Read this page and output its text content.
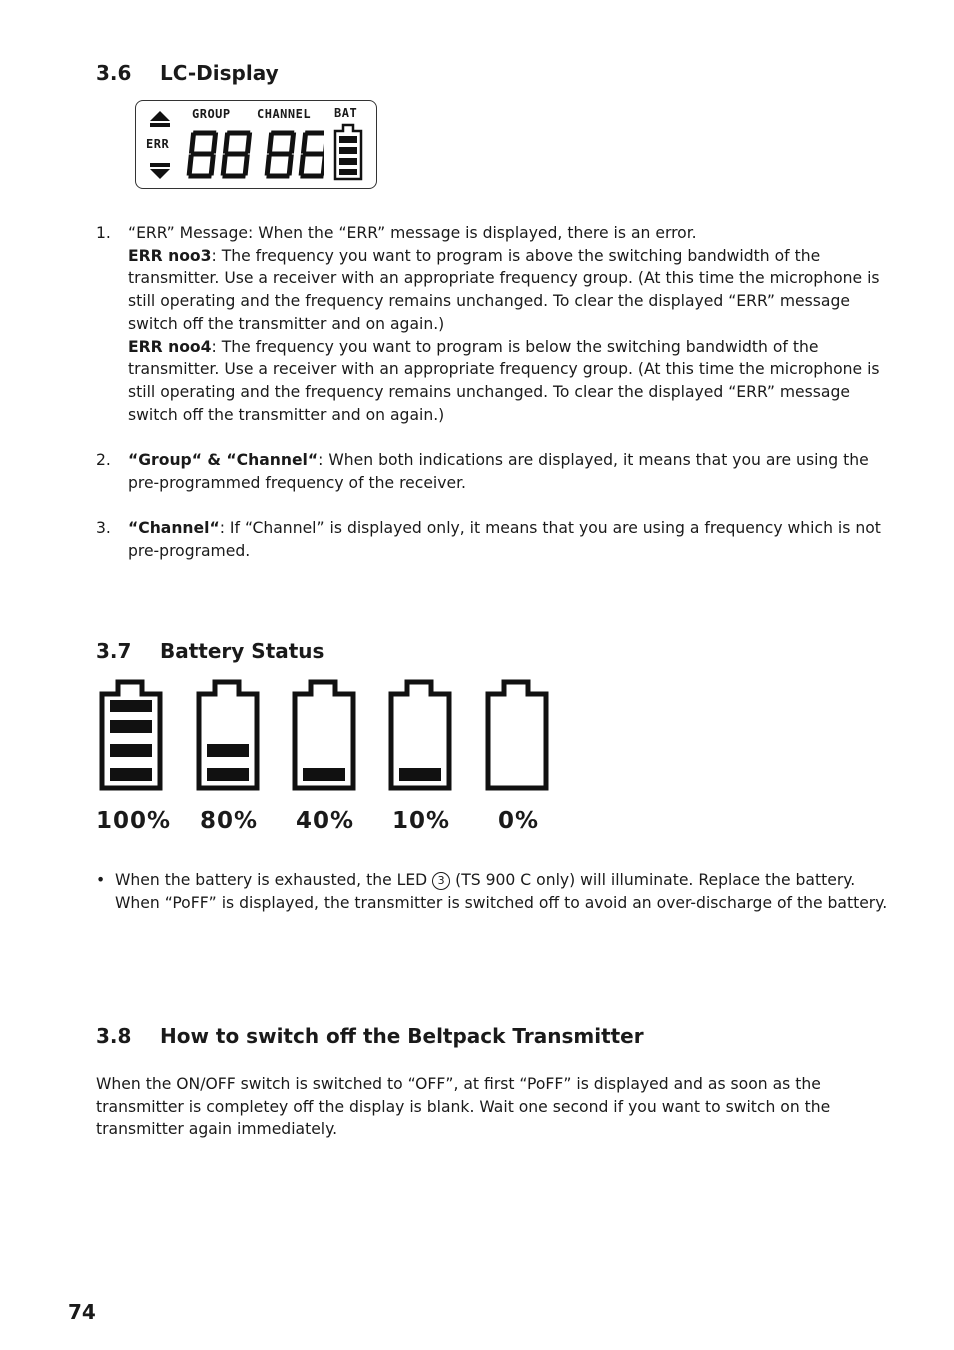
3.6 LC-Display
ERR
GROUP CHANNEL BAT
1. “ERR” Message: When the “ERR” message is displayed, there is an error.
ERR noo3: The frequency you want to program is above the switching bandwidth of the transmitter. Use a receiver with an appropriate frequency group. (At this time the microphone is still operating and the frequency remains unchanged. To clear the displayed “ERR” message switch off the transmitter and on again.)
ERR noo4: The frequency you want to program is below the switching bandwidth of the transmitter. Use a receiver with an appropriate frequency group. (At this time the microphone is still operating and the frequency remains unchanged. To clear the displayed “ERR” message switch off the transmitter and on again.)
2. “Group“ & “Channel“: When both indications are displayed, it means that you are using the pre-programmed frequency of the receiver.
3. “Channel“: If “Channel” is displayed only, it means that you are using a frequency which is not pre-programed.
3.7 Battery Status
100% 80% 40% 10% 0%
• When the battery is exhausted, the LED 3 (TS 900 C only) will illuminate. Replace the battery.
When “PoFF” is displayed, the transmitter is switched off to avoid an over-discharge of the battery.
3.8 How to switch off the Beltpack Transmitter
When the ON/OFF switch is switched to “OFF”, at first “PoFF” is displayed and as soon as the transmitter is completey off the display is blank. Wait one second if you want to switch on the transmitter again immediately.
74
